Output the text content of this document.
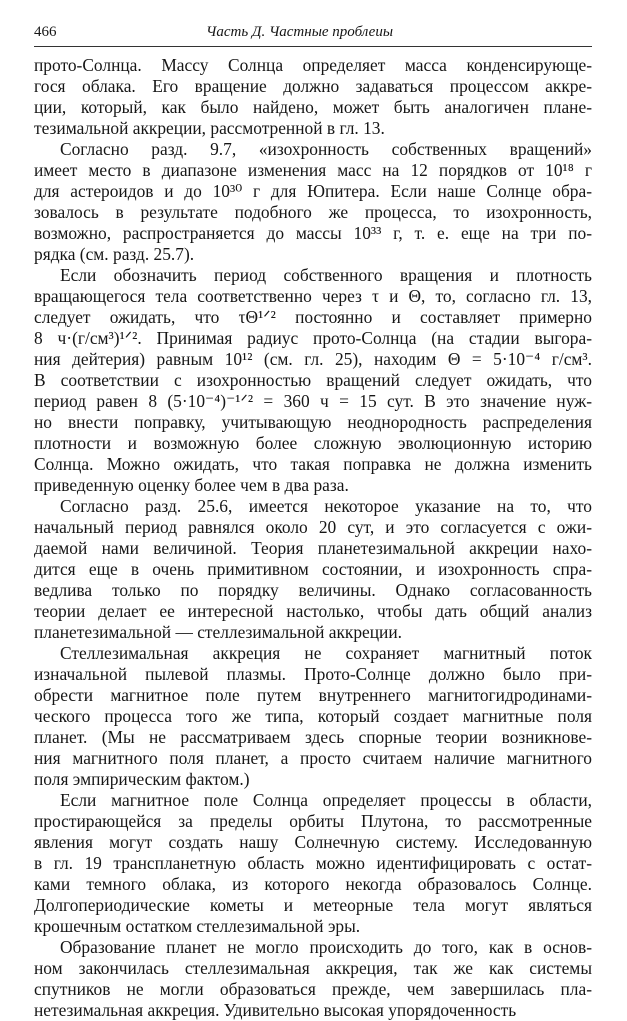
466	Часть Д. Частные проблеиы
прото-Солнца. Массу Солнца определяет масса конденсирующе-
гося облака. Его вращение должно задаваться процессом аккре-
ции, который, как было найдено, может быть аналогичен плане-
тезимальной аккреции, рассмотренной в гл. 13.
Согласно разд. 9.7, «изохронность собственных вращений»
имеет место в диапазоне изменения масс на 12 порядков от 10¹⁸ г
для астероидов и до 10³⁰ г для Юпитера. Если наше Солнце обра-
зовалось в результате подобного же процесса, то изохронность,
возможно, распространяется до массы 10³³ г, т. е. еще на три по-
рядка (см. разд. 25.7).
Если обозначить период собственного вращения и плотность
вращающегося тела соответственно через τ и Θ, то, согласно гл. 13,
следует ожидать, что τΘ¹ᐟ² постоянно и составляет примерно
8 ч·(г/см³)¹ᐟ². Принимая радиус прото-Солнца (на стадии выгора-
ния дейтерия) равным 10¹² (см. гл. 25), находим Θ = 5·10⁻⁴ г/см³.
В соответствии с изохронностью вращений следует ожидать, что
период равен 8 (5·10⁻⁴)⁻¹ᐟ² = 360 ч = 15 сут. В это значение нуж-
но внести поправку, учитывающую неоднородность распределения
плотности и возможную более сложную эволюционную историю
Солнца. Можно ожидать, что такая поправка не должна изменить
приведенную оценку более чем в два раза.
Согласно разд. 25.6, имеется некоторое указание на то, что
начальный период равнялся около 20 сут, и это согласуется с ожи-
даемой нами величиной. Теория планетезимальной аккреции нахо-
дится еще в очень примитивном состоянии, и изохронность спра-
ведлива только по порядку величины. Однако согласованность
теории делает ее интересной настолько, чтобы дать общий анализ
планетезимальной — стеллезимальной аккреции.
Стеллезимальная аккреция не сохраняет магнитный поток
изначальной пылевой плазмы. Прото-Солнце должно было при-
обрести магнитное поле путем внутреннего магнитогидродинами-
ческого процесса того же типа, который создает магнитные поля
планет. (Мы не рассматриваем здесь спорные теории возникнове-
ния магнитного поля планет, а просто считаем наличие магнитного
поля эмпирическим фактом.)
Если магнитное поле Солнца определяет процессы в области,
простирающейся за пределы орбиты Плутона, то рассмотренные
явления могут создать нашу Солнечную систему. Исследованную
в гл. 19 транспланетную область можно идентифицировать с остат-
ками темного облака, из которого некогда образовалось Солнце.
Долгопериодические кометы и метеорные тела могут являться
крошечным остатком стеллезимальной эры.
Образование планет не могло происходить до того, как в основ-
ном закончилась стеллезимальная аккреция, так же как системы
спутников не могли образоваться прежде, чем завершилась пла-
нетезимальная аккреция. Удивительно высокая упорядоченность
